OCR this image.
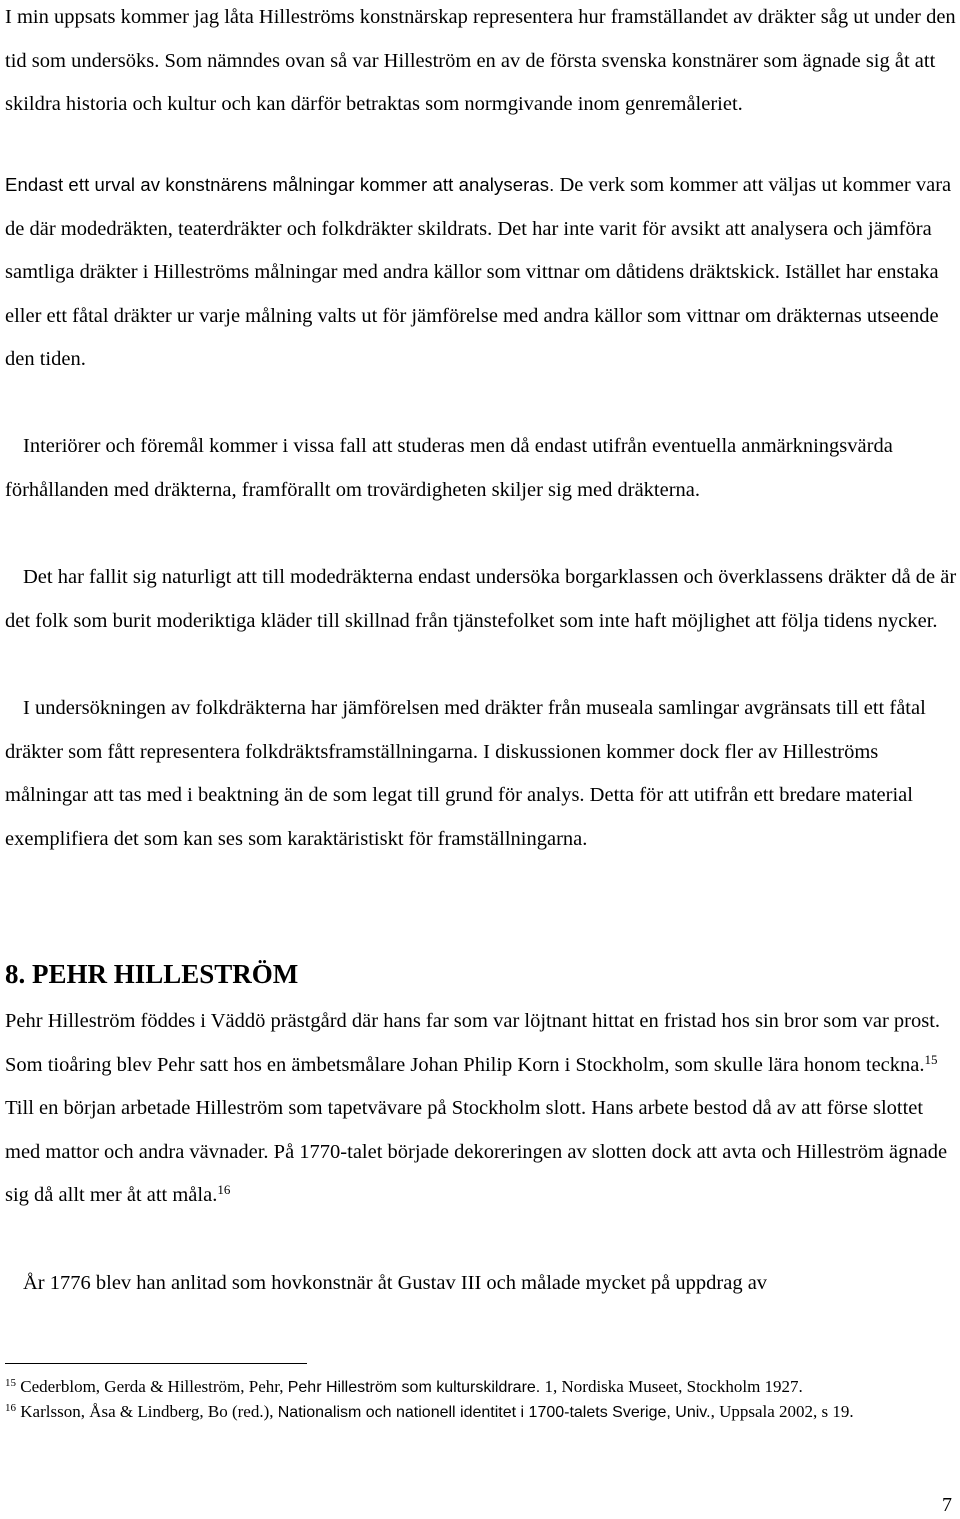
I min uppsats kommer jag låta Hilleströms konstnärskap representera hur framställandet av dräkter såg ut under den tid som undersöks. Som nämndes ovan så var Hilleström en av de första svenska konstnärer som ägnade sig åt att skildra historia och kultur och kan därför betraktas som normgivande inom genremåleriet.

Endast ett urval av konstnärens målningar kommer att analyseras. De verk som kommer att väljas ut kommer vara de där modedräkten, teaterdräkter och folkdräkter skildrats. Det har inte varit för avsikt att analysera och jämföra samtliga dräkter i Hilleströms målningar med andra källor som vittnar om dåtidens dräktskick. Istället har enstaka eller ett fåtal dräkter ur varje målning valts ut för jämförelse med andra källor som vittnar om dräkternas utseende den tiden.

Interiörer och föremål kommer i vissa fall att studeras men då endast utifrån eventuella anmärkningsvärda förhållanden med dräkterna, framförallt om trovärdigheten skiljer sig med dräkterna.

Det har fallit sig naturligt att till modedräkterna endast undersöka borgarklassen och överklassens dräkter då de är det folk som burit moderiktiga kläder till skillnad från tjänstefolket som inte haft möjlighet att följa tidens nycker.

I undersökningen av folkdräkterna har jämförelsen med dräkter från museala samlingar avgränsats till ett fåtal dräkter som fått representera folkdräktsframställningarna. I diskussionen kommer dock fler av Hilleströms målningar att tas med i beaktning än de som legat till grund för analys. Detta för att utifrån ett bredare material exemplifiera det som kan ses som karaktäristiskt för framställningarna.

8. PEHR HILLESTRÖM

Pehr Hilleström föddes i Väddö prästgård där hans far som var löjtnant hittat en fristad hos sin bror som var prost. Som tioåring blev Pehr satt hos en ämbetsmålare Johan Philip Korn i Stockholm, som skulle lära honom teckna.$^{15}$ Till en början arbetade Hilleström som tapetvävare på Stockholm slott. Hans arbete bestod då av att förse slottet med mattor och andra vävnader. På 1770-talet började dekoreringen av slotten dock att avta och Hilleström ägnade sig då allt mer åt att måla.$^{16}$

År 1776 blev han anlitad som hovkonstnär åt Gustav III och målade mycket på uppdrag av

$^{15}$ Cederblom, Gerda & Hilleström, Pehr, Pehr Hilleström som kulturskildrare. 1, Nordiska Museet, Stockholm 1927.

$^{16}$ Karlsson, Åsa & Lindberg, Bo (red.), Nationalism och nationell identitet i 1700-talets Sverige, Univ., Uppsala 2002, s 19.

7
